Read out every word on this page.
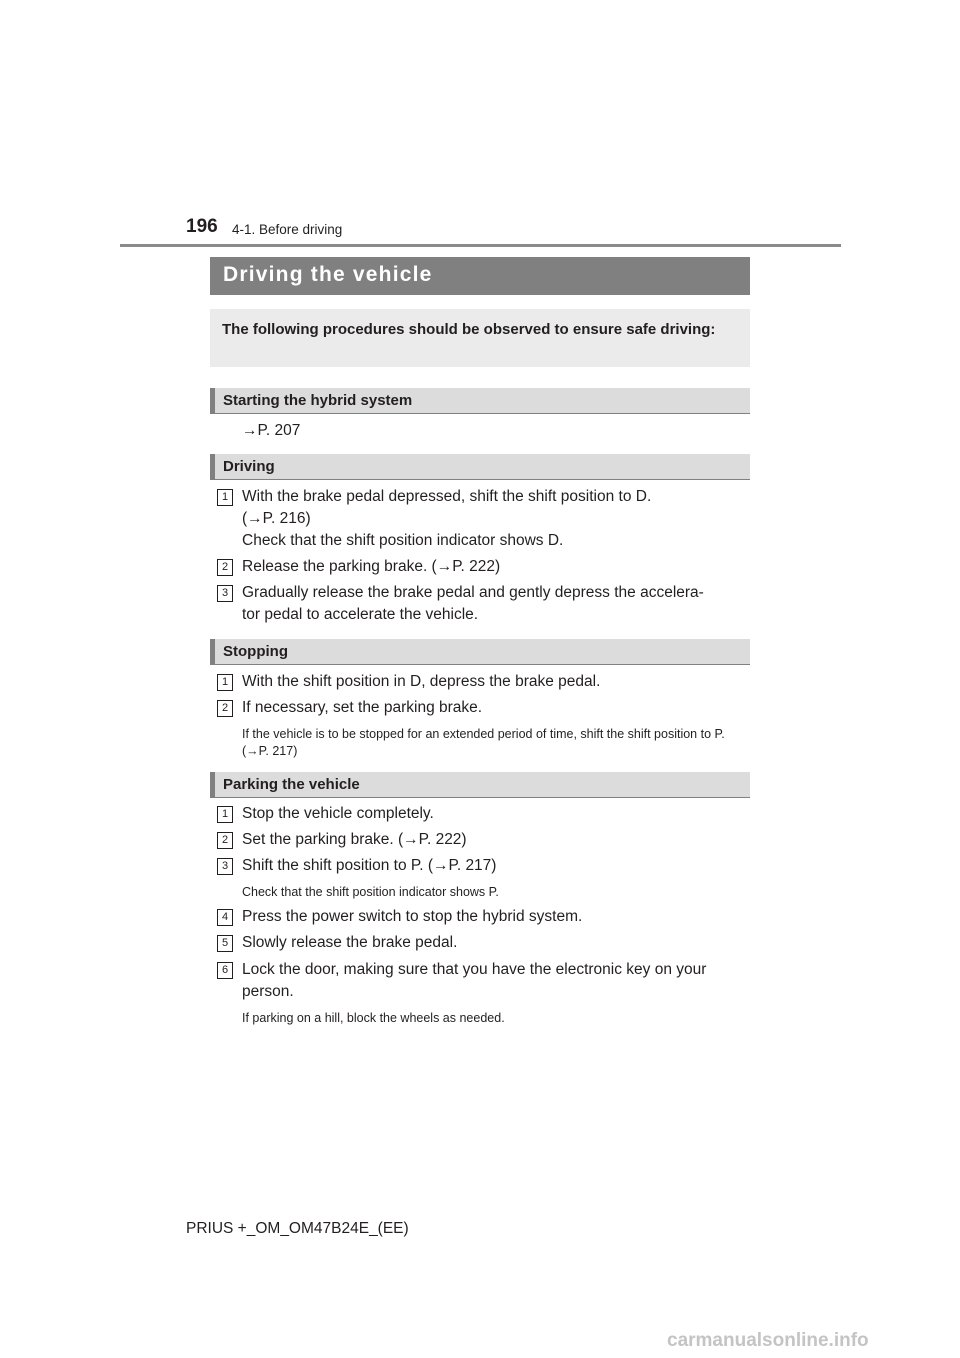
196 4-1. Before driving
Driving the vehicle
The following procedures should be observed to ensure safe driving:
Starting the hybrid system
→P. 207
Driving
1 With the brake pedal depressed, shift the shift position to D.
(→P. 216)
Check that the shift position indicator shows D.
2 Release the parking brake. (→P. 222)
3 Gradually release the brake pedal and gently depress the accelera-
tor pedal to accelerate the vehicle.
Stopping
1 With the shift position in D, depress the brake pedal.
2 If necessary, set the parking brake.
If the vehicle is to be stopped for an extended period of time, shift the shift position to P. (→P. 217)
Parking the vehicle
1 Stop the vehicle completely.
2 Set the parking brake. (→P. 222)
3 Shift the shift position to P. (→P. 217)
Check that the shift position indicator shows P.
4 Press the power switch to stop the hybrid system.
5 Slowly release the brake pedal.
6 Lock the door, making sure that you have the electronic key on your
person.
If parking on a hill, block the wheels as needed.
PRIUS +_OM_OM47B24E_(EE)
carmanualsonline.info
